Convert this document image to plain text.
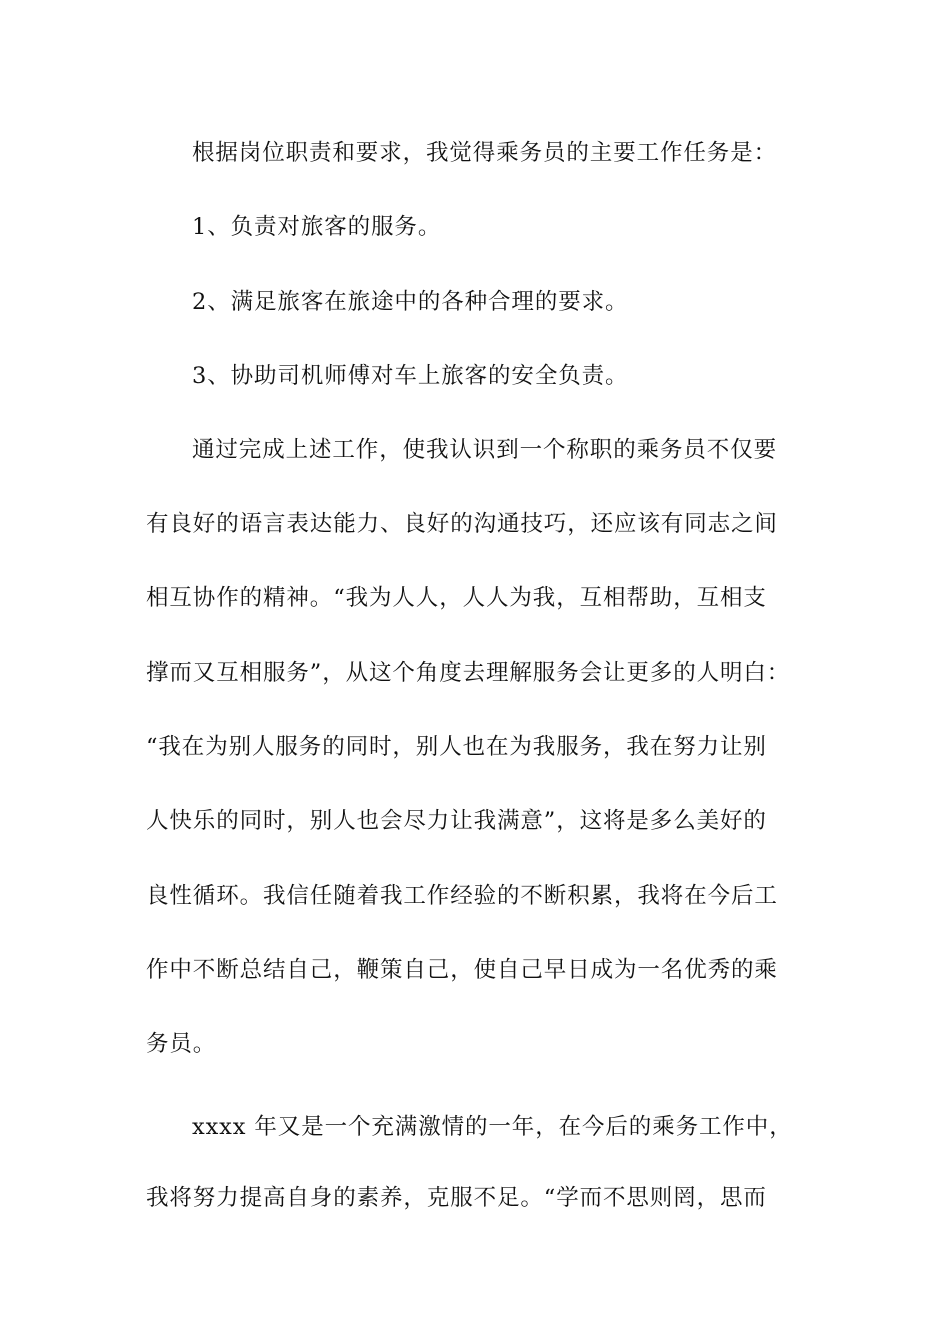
根据岗位职责和要求，我觉得乘务员的主要工作任务是：
1、负责对旅客的服务。
2、满足旅客在旅途中的各种合理的要求。
3、协助司机师傅对车上旅客的安全负责。
通过完成上述工作，使我认识到一个称职的乘务员不仅要
有良好的语言表达能力、良好的沟通技巧，还应该有同志之间
相互协作的精神。“我为人人，人人为我，互相帮助，互相支
撑而又互相服务”，从这个角度去理解服务会让更多的人明白：
“我在为别人服务的同时，别人也在为我服务，我在努力让别
人快乐的同时，别人也会尽力让我满意”，这将是多么美好的
良性循环。我信任随着我工作经验的不断积累，我将在今后工
作中不断总结自己，鞭策自己，使自己早日成为一名优秀的乘
务员。
xxxx 年又是一个充满激情的一年，在今后的乘务工作中，
我将努力提高自身的素养，克服不足。“学而不思则罔，思而
